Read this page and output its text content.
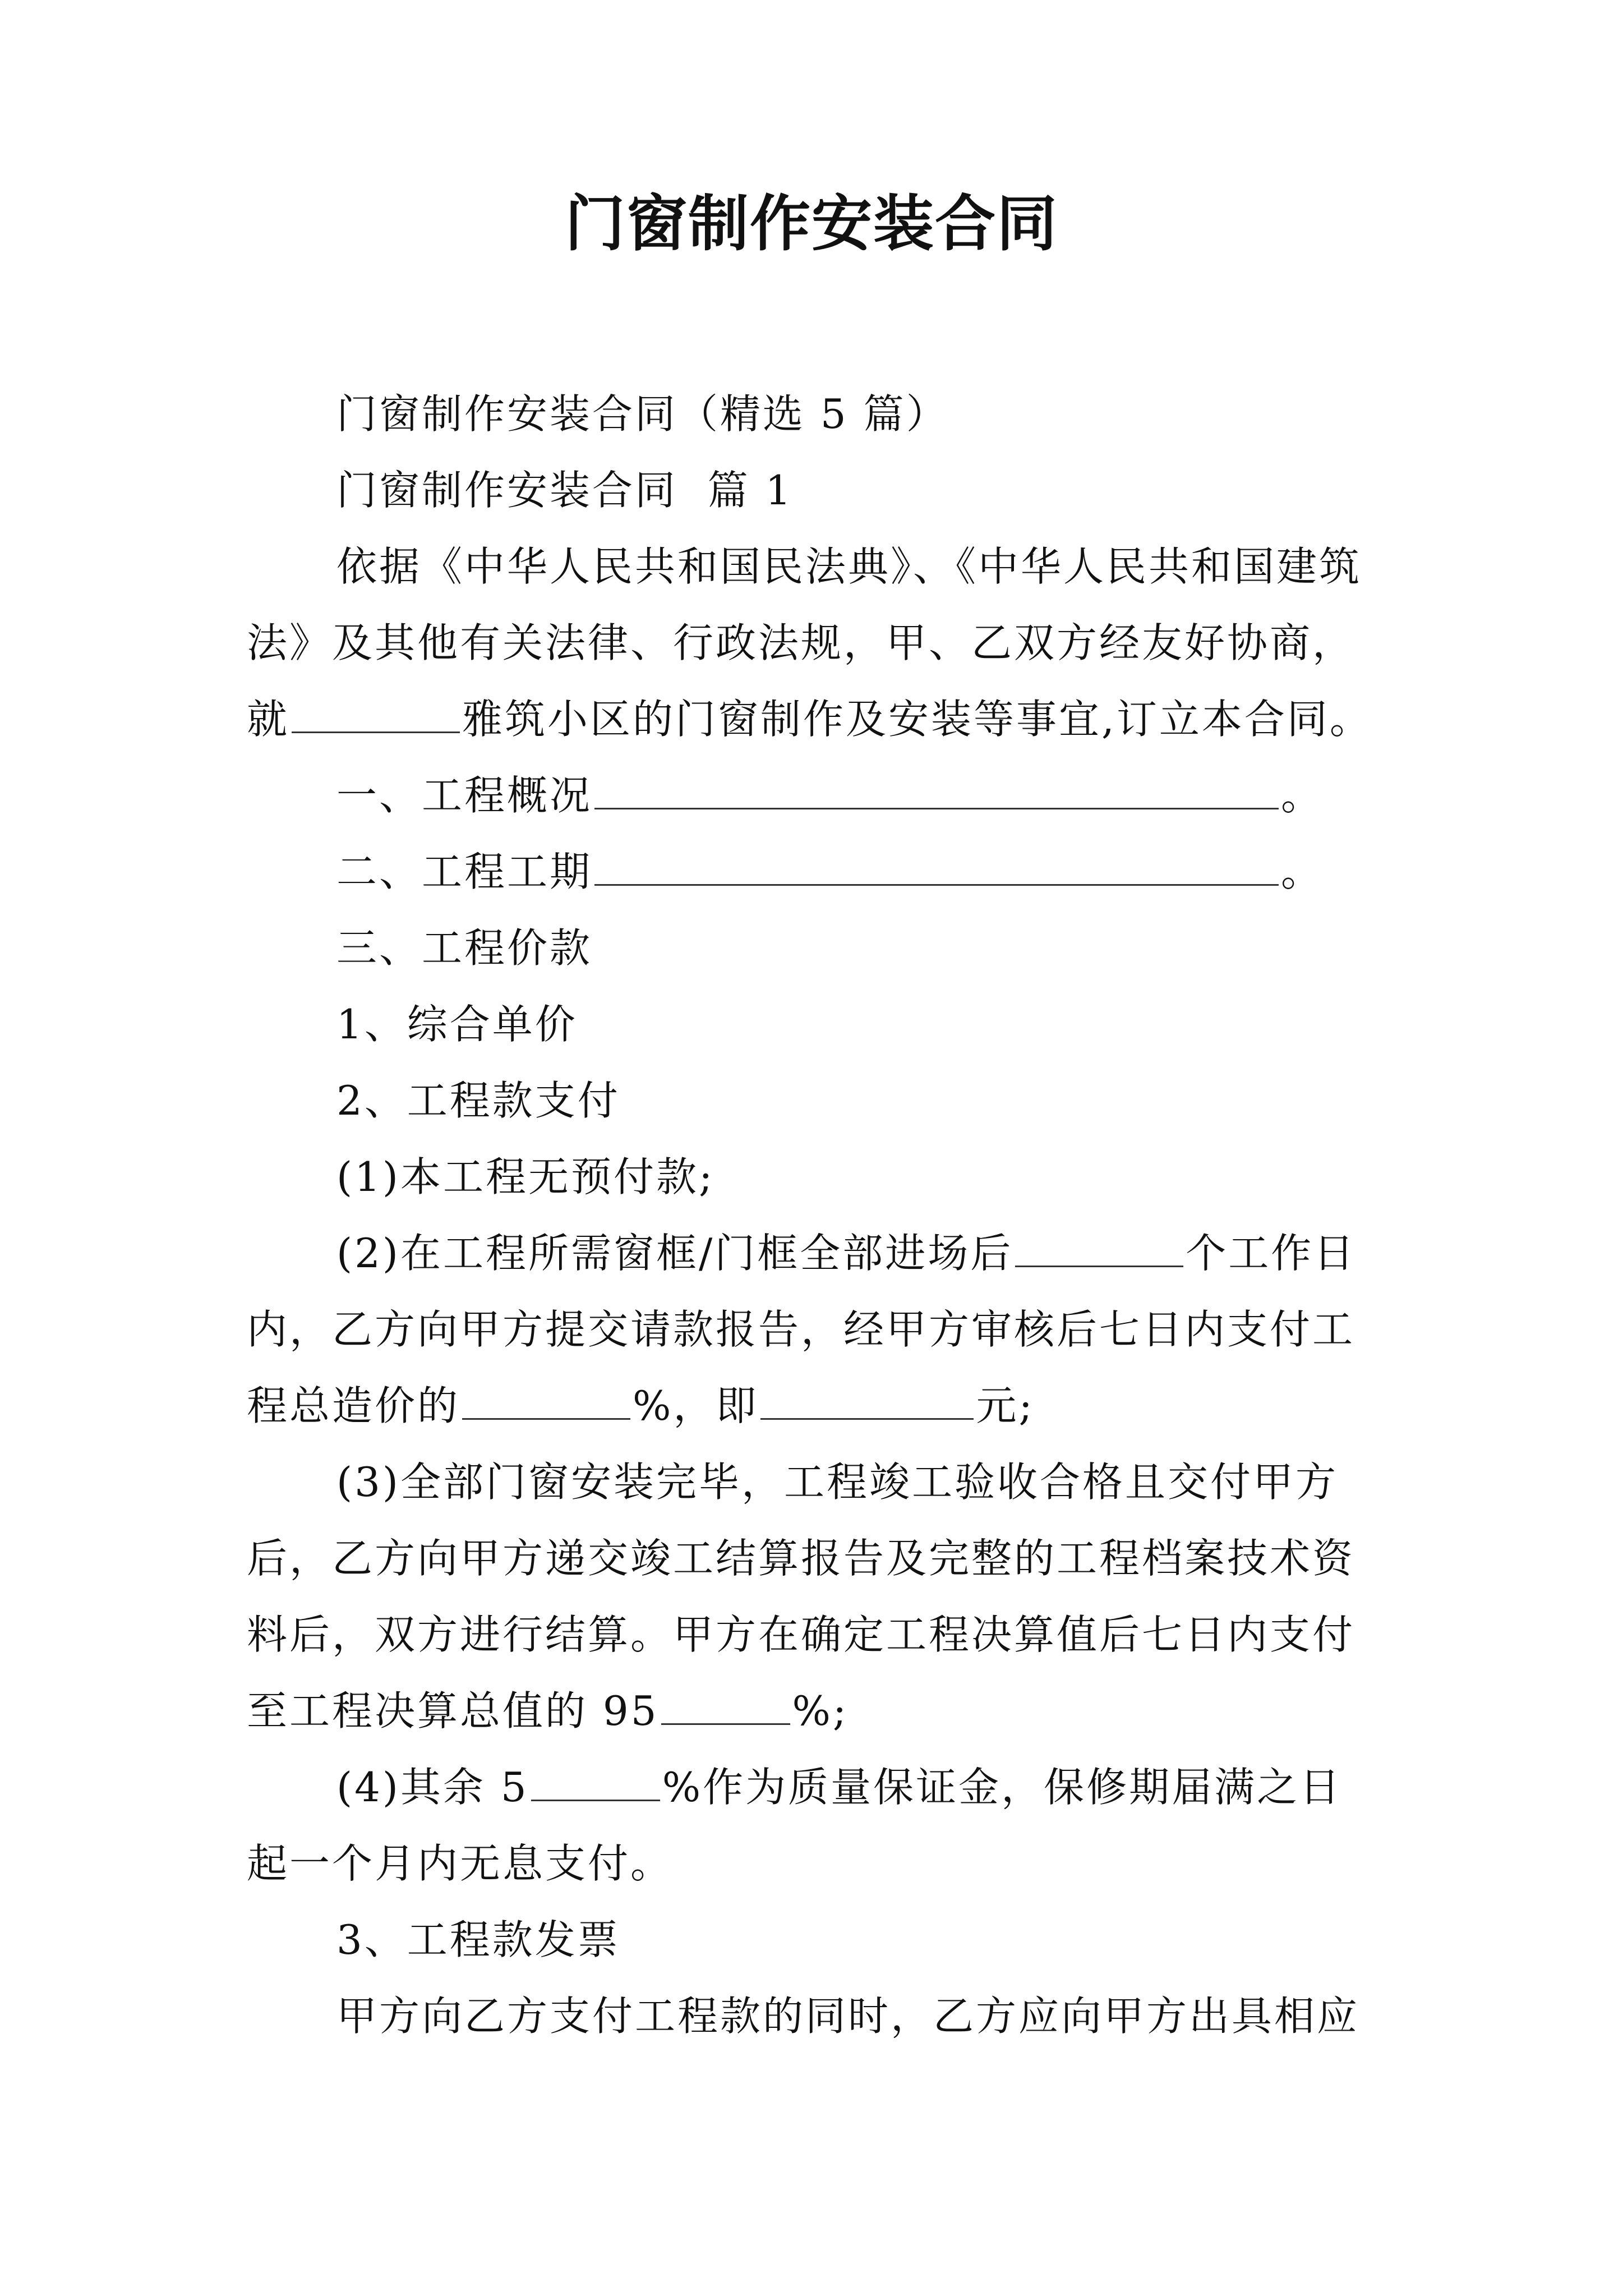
门窗制作安装合同

门窗制作安装合同（精选 5 篇）

门窗制作安装合同  篇 1

依据《中华人民共和国民法典》、《中华人民共和国建筑法》及其他有关法律、行政法规，甲、乙双方经友好协商，就	雅筑小区的门窗制作及安装等事宜,订立本合同。

一、工程概况	。

二、工程工期	。

三、工程价款

1、综合单价

2、工程款支付

(1)本工程无预付款;

(2)在工程所需窗框/门框全部进场后	个工作日内，乙方向甲方提交请款报告，经甲方审核后七日内支付工程总造价的	%，即	元;

(3)全部门窗安装完毕，工程竣工验收合格且交付甲方后，乙方向甲方递交竣工结算报告及完整的工程档案技术资料后，双方进行结算。甲方在确定工程决算值后七日内支付至工程决算总值的 95	%;

(4)其余 5	%作为质量保证金，保修期届满之日起一个月内无息支付。

3、工程款发票

甲方向乙方支付工程款的同时，乙方应向甲方出具相应
